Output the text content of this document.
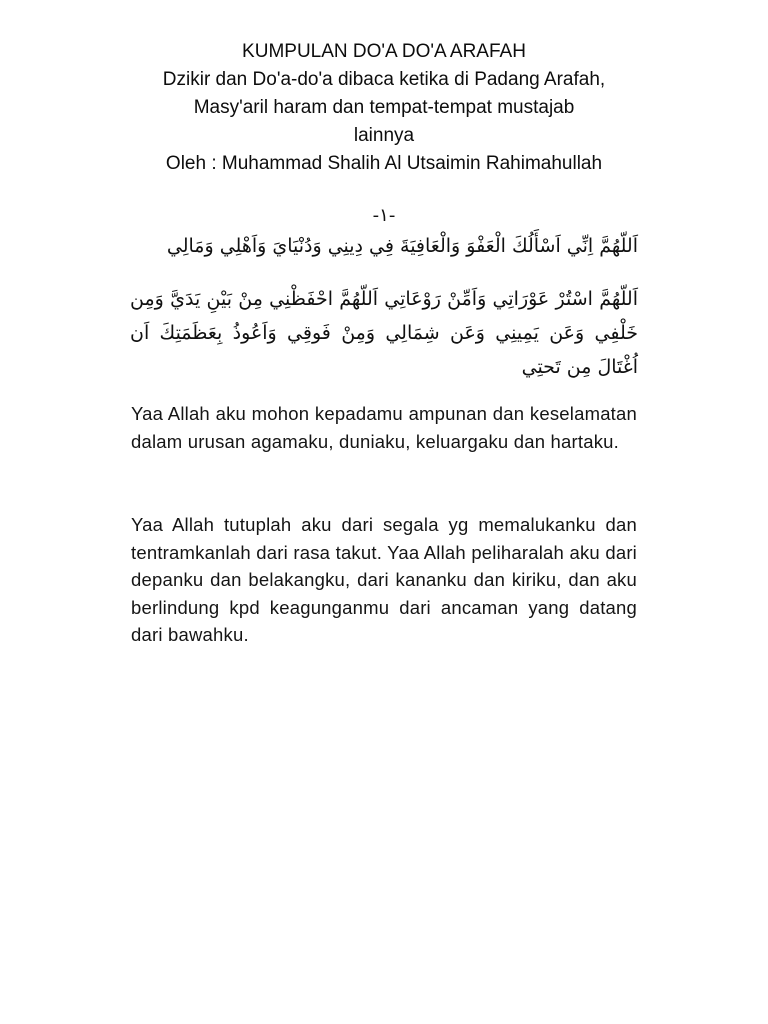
KUMPULAN DO'A DO'A ARAFAH
Dzikir dan Do'a-do'a dibaca ketika di Padang Arafah,
Masy'aril haram dan tempat-tempat mustajab
lainnya
Oleh : Muhammad Shalih Al Utsaimin Rahimahullah
-١-
اَللّهُمَّ اِنِّي اَسْأَلُكَ الْعَفْوَ وَالْعَافِيَةَ فِي دِينِي وَدُنْيَايَ وَاَهْلِي وَمَالِي
اَللّهُمَّ اسْتُرْ عَوْرَاتِي وَاَمِّنْ رَوْعَاتِي اَللّهُمَّ احْفَظْنِي مِنْ بَيْنِ يَدَيَّ وَمِن خَلْفِي وَعَن يَمِينِي وَعَن شِمَالِي وَمِنْ فَوقِي وَاَعُوذُ بِعَظَمَتِكَ اَن اُغْتَالَ مِن تَحتِي

Yaa Allah aku mohon kepadamu ampunan dan keselamatan dalam urusan agamaku, duniaku, keluargaku dan hartaku.

Yaa Allah tutuplah aku dari segala yg memalukanku dan tentramkanlah dari rasa takut. Yaa Allah peliharalah aku dari depanku dan belakangku, dari kananku dan kiriku, dan aku berlindung kpd keagunganmu dari ancaman yang datang dari bawahku.
